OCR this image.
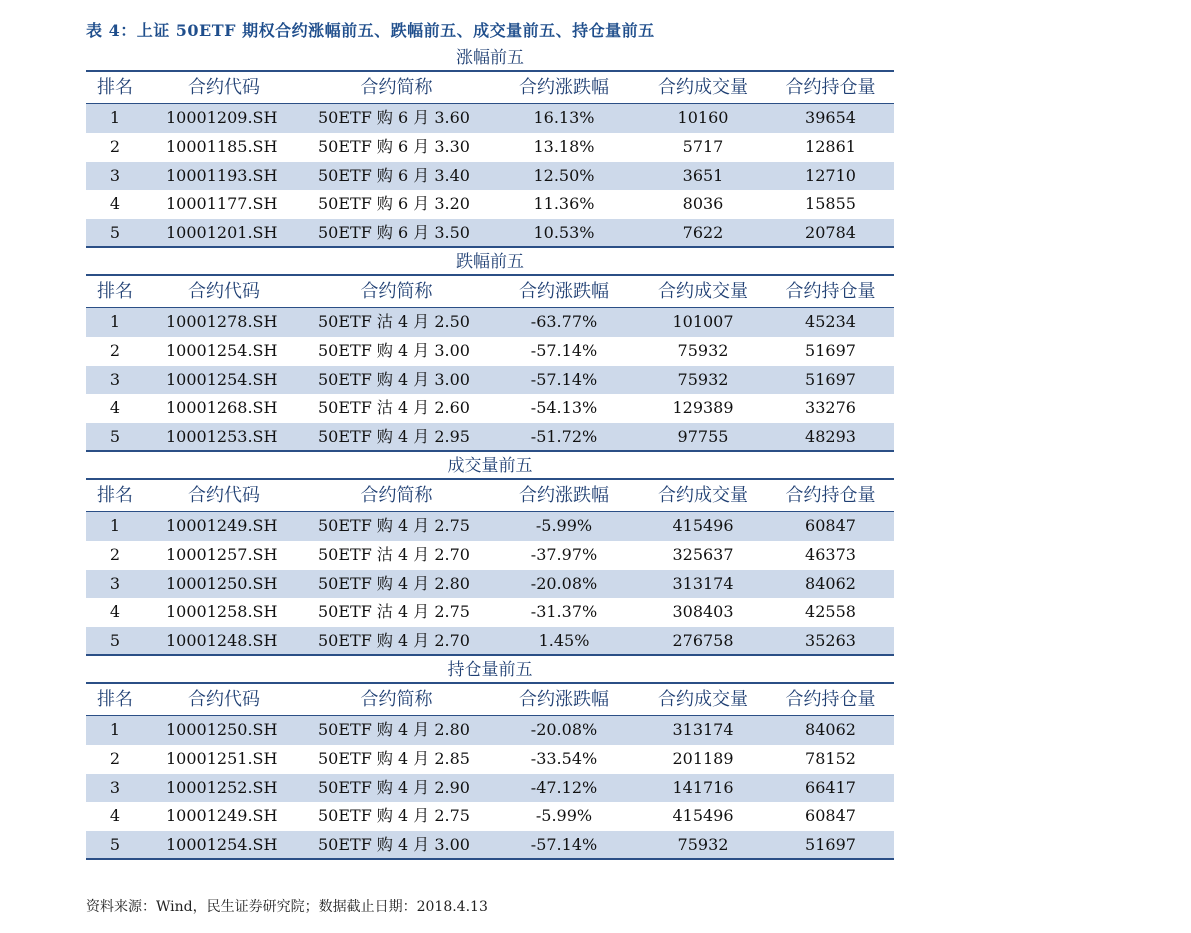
表 4：上证 50ETF 期权合约涨幅前五、跌幅前五、成交量前五、持仓量前五
涨幅前五
排名	合约代码	合约简称	合约涨跌幅	合约成交量	合约持仓量
1	10001209.SH	50ETF 购 6 月 3.60	16.13%	10160	39654
2	10001185.SH	50ETF 购 6 月 3.30	13.18%	5717	12861
3	10001193.SH	50ETF 购 6 月 3.40	12.50%	3651	12710
4	10001177.SH	50ETF 购 6 月 3.20	11.36%	8036	15855
5	10001201.SH	50ETF 购 6 月 3.50	10.53%	7622	20784
跌幅前五
排名	合约代码	合约简称	合约涨跌幅	合约成交量	合约持仓量
1	10001278.SH	50ETF 沽 4 月 2.50	-63.77%	101007	45234
2	10001254.SH	50ETF 购 4 月 3.00	-57.14%	75932	51697
3	10001254.SH	50ETF 购 4 月 3.00	-57.14%	75932	51697
4	10001268.SH	50ETF 沽 4 月 2.60	-54.13%	129389	33276
5	10001253.SH	50ETF 购 4 月 2.95	-51.72%	97755	48293
成交量前五
排名	合约代码	合约简称	合约涨跌幅	合约成交量	合约持仓量
1	10001249.SH	50ETF 购 4 月 2.75	-5.99%	415496	60847
2	10001257.SH	50ETF 沽 4 月 2.70	-37.97%	325637	46373
3	10001250.SH	50ETF 购 4 月 2.80	-20.08%	313174	84062
4	10001258.SH	50ETF 沽 4 月 2.75	-31.37%	308403	42558
5	10001248.SH	50ETF 购 4 月 2.70	1.45%	276758	35263
持仓量前五
排名	合约代码	合约简称	合约涨跌幅	合约成交量	合约持仓量
1	10001250.SH	50ETF 购 4 月 2.80	-20.08%	313174	84062
2	10001251.SH	50ETF 购 4 月 2.85	-33.54%	201189	78152
3	10001252.SH	50ETF 购 4 月 2.90	-47.12%	141716	66417
4	10001249.SH	50ETF 购 4 月 2.75	-5.99%	415496	60847
5	10001254.SH	50ETF 购 4 月 3.00	-57.14%	75932	51697
资料来源：Wind，民生证券研究院；数据截止日期：2018.4.13
